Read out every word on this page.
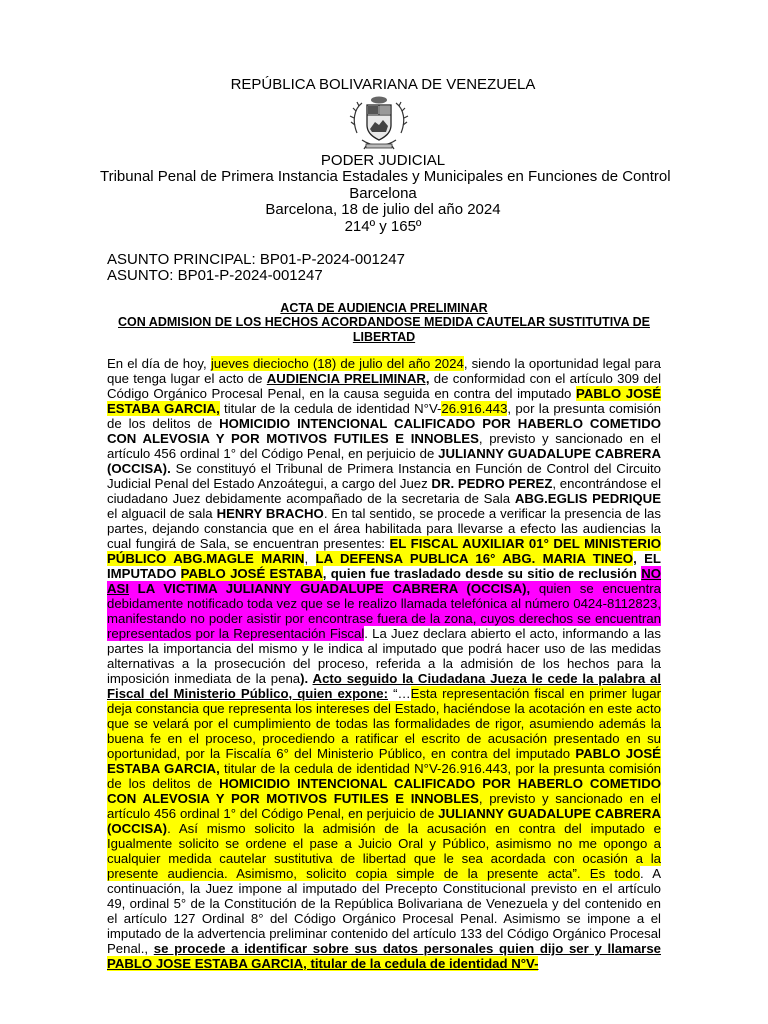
REPÚBLICA BOLIVARIANA DE VENEZUELA
PODER JUDICIAL
Tribunal Penal de Primera Instancia Estadales y Municipales en Funciones de Control
Barcelona
Barcelona, 18 de julio del año 2024
214º y 165º
ASUNTO PRINCIPAL: BP01-P-2024-001247
ASUNTO: BP01-P-2024-001247
ACTA DE AUDIENCIA PRELIMINAR
CON ADMISION DE LOS HECHOS ACORDANDOSE MEDIDA CAUTELAR SUSTITUTIVA DE LIBERTAD
En el día de hoy, jueves dieciocho (18) de julio del año 2024, siendo la oportunidad legal para que tenga lugar el acto de AUDIENCIA PRELIMINAR, de conformidad con el artículo 309 del Código Orgánico Procesal Penal, en la causa seguida en contra del imputado PABLO JOSÉ ESTABA GARCIA, titular de la cedula de identidad N°V-26.916.443, por la presunta comisión de los delitos de HOMICIDIO INTENCIONAL CALIFICADO POR HABERLO COMETIDO CON ALEVOSIA Y POR MOTIVOS FUTILES E INNOBLES, previsto y sancionado en el artículo 456 ordinal 1° del Código Penal, en perjuicio de JULIANNY GUADALUPE CABRERA (OCCISA). Se constituyó el Tribunal de Primera Instancia en Función de Control del Circuito Judicial Penal del Estado Anzoátegui, a cargo del Juez DR. PEDRO PEREZ, encontrándose el ciudadano Juez debidamente acompañado de la secretaria de Sala ABG.EGLIS PEDRIQUE el alguacil de sala HENRY BRACHO. En tal sentido, se procede a verificar la presencia de las partes, dejando constancia que en el área habilitada para llevarse a efecto las audiencias la cual fungirá de Sala, se encuentran presentes: EL FISCAL AUXILIAR 01° DEL MINISTERIO PÚBLICO ABG.MAGLE MARIN, LA DEFENSA PUBLICA 16° ABG. MARIA TINEO, EL IMPUTADO PABLO JOSÉ ESTABA, quien fue trasladado desde su sitio de reclusión NO ASI LA VICTIMA JULIANNY GUADALUPE CABRERA (OCCISA), quien se encuentra debidamente notificado toda vez que se le realizo llamada telefónica al número 0424-8112823, manifestando no poder asistir por encontrase fuera de la zona, cuyos derechos se encuentran representados por la Representación Fiscal. La Juez declara abierto el acto, informando a las partes la importancia del mismo y le indica al imputado que podrá hacer uso de las medidas alternativas a la prosecución del proceso, referida a la admisión de los hechos para la imposición inmediata de la pena). Acto seguido la Ciudadana Jueza le cede la palabra al Fiscal del Ministerio Público, quien expone: “…Esta representación fiscal en primer lugar deja constancia que representa los intereses del Estado, haciéndose la acotación en este acto que se velará por el cumplimiento de todas las formalidades de rigor, asumiendo además la buena fe en el proceso, procediendo a ratificar el escrito de acusación presentado en su oportunidad, por la Fiscalía 6° del Ministerio Público, en contra del imputado PABLO JOSÉ ESTABA GARCIA, titular de la cedula de identidad N°V-26.916.443, por la presunta comisión de los delitos de HOMICIDIO INTENCIONAL CALIFICADO POR HABERLO COMETIDO CON ALEVOSIA Y POR MOTIVOS FUTILES E INNOBLES, previsto y sancionado en el artículo 456 ordinal 1° del Código Penal, en perjuicio de JULIANNY GUADALUPE CABRERA (OCCISA). Así mismo solicito la admisión de la acusación en contra del imputado e Igualmente solicito se ordene el pase a Juicio Oral y Público, asimismo no me opongo a cualquier medida cautelar sustitutiva de libertad que le sea acordada con ocasión a la presente audiencia. Asimismo, solicito copia simple de la presente acta”. Es todo. A continuación, la Juez impone al imputado del Precepto Constitucional previsto en el artículo 49, ordinal 5° de la Constitución de la República Bolivariana de Venezuela y del contenido en el artículo 127 Ordinal 8° del Código Orgánico Procesal Penal. Asimismo se impone a el imputado de la advertencia preliminar contenido del artículo 133 del Código Orgánico Procesal Penal., se procede a identificar sobre sus datos personales quien dijo ser y llamarse PABLO JOSE ESTABA GARCIA, titular de la cedula de identidad N°V-
